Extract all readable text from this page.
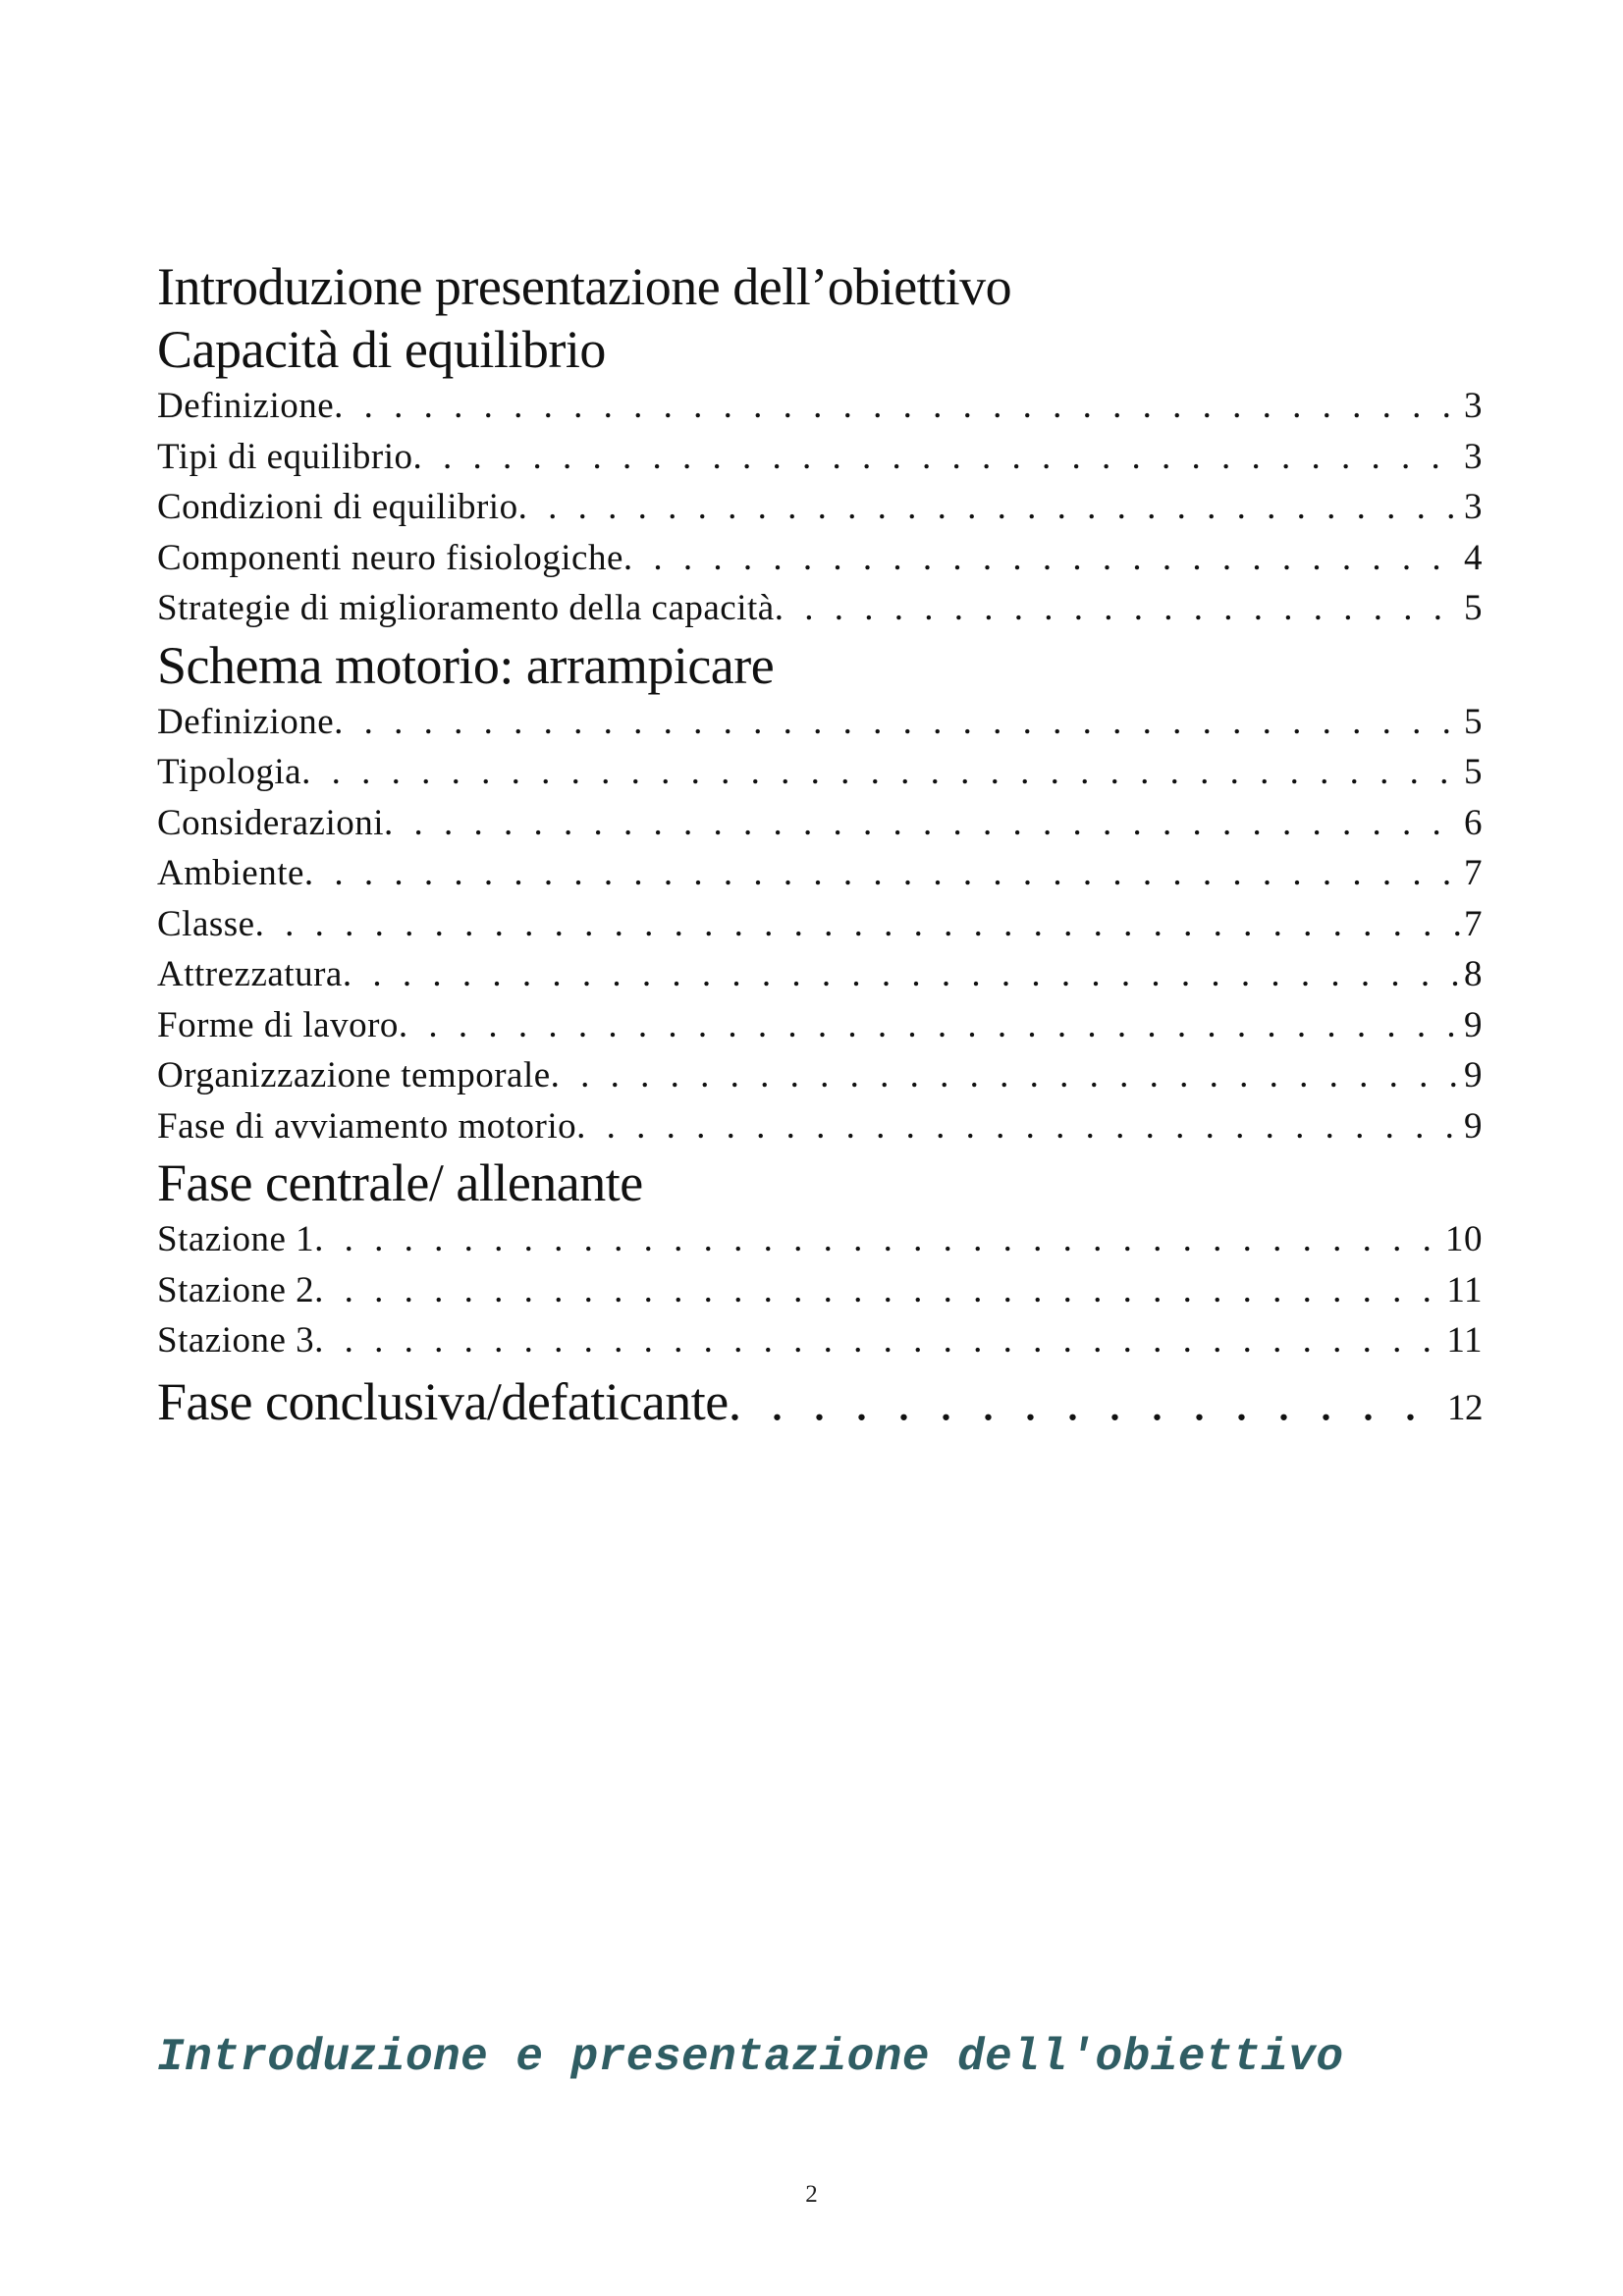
Introduzione presentazione dell’obiettivo
Capacità di equilibrio
Definizione . . .	3
Tipi di equilibrio . . .	3
Condizioni di equilibrio . . .	3
Componenti neuro fisiologiche . . .	4
Strategie di miglioramento della capacità . . .	5
Schema motorio: arrampicare
Definizione . . .	5
Tipologia . . .	5
Considerazioni . . .	6
Ambiente . . .	7
Classe . . .	7
Attrezzatura . . .	8
Forme di lavoro . . .	9
Organizzazione temporale . . .	9
Fase di avviamento motorio . . .	9
Fase centrale/ allenante
Stazione 1 . . .	10
Stazione 2 . . .	11
Stazione 3 . . .	11
Fase conclusiva/defaticante . . .	12
Introduzione e presentazione dell'obiettivo
2
